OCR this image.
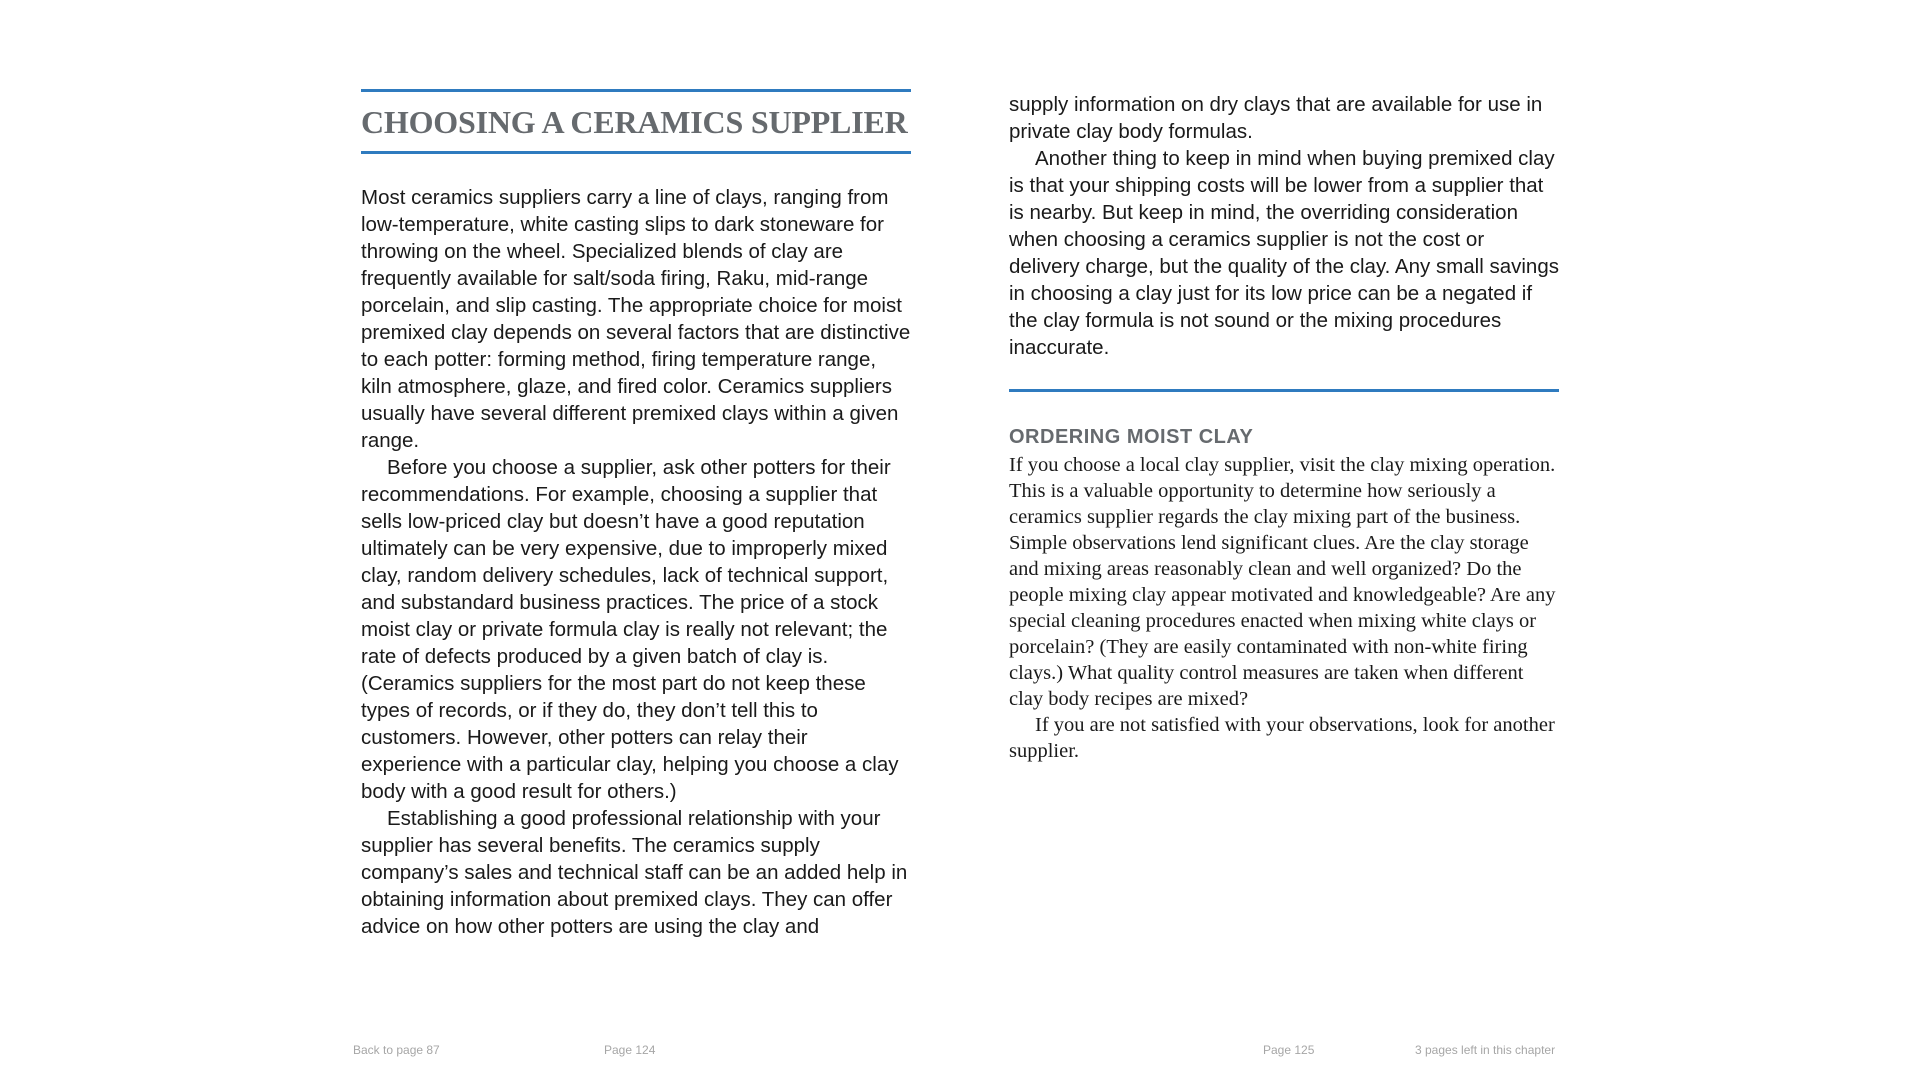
CHOOSING A CERAMICS SUPPLIER

Most ceramics suppliers carry a line of clays, ranging from low-temperature, white casting slips to dark stoneware for throwing on the wheel. Specialized blends of clay are frequently available for salt/soda firing, Raku, mid-range porcelain, and slip casting. The appropriate choice for moist premixed clay depends on several factors that are distinctive to each potter: forming method, firing temperature range, kiln atmosphere, glaze, and fired color. Ceramics suppliers usually have several different premixed clays within a given range.

Before you choose a supplier, ask other potters for their recommendations. For example, choosing a supplier that sells low-priced clay but doesn’t have a good reputation ultimately can be very expensive, due to improperly mixed clay, random delivery schedules, lack of technical support, and substandard business practices. The price of a stock moist clay or private formula clay is really not relevant; the rate of defects produced by a given batch of clay is. (Ceramics suppliers for the most part do not keep these types of records, or if they do, they don’t tell this to customers. However, other potters can relay their experience with a particular clay, helping you choose a clay body with a good result for others.)

Establishing a good professional relationship with your supplier has several benefits. The ceramics supply company’s sales and technical staff can be an added help in obtaining information about premixed clays. They can offer advice on how other potters are using the clay and

supply information on dry clays that are available for use in private clay body formulas.

Another thing to keep in mind when buying premixed clay is that your shipping costs will be lower from a supplier that is nearby. But keep in mind, the overriding consideration when choosing a ceramics supplier is not the cost or delivery charge, but the quality of the clay. Any small savings in choosing a clay just for its low price can be a negated if the clay formula is not sound or the mixing procedures inaccurate.

ORDERING MOIST CLAY

If you choose a local clay supplier, visit the clay mixing operation. This is a valuable opportunity to determine how seriously a ceramics supplier regards the clay mixing part of the business. Simple observations lend significant clues. Are the clay storage and mixing areas reasonably clean and well organized? Do the people mixing clay appear motivated and knowledgeable? Are any special cleaning procedures enacted when mixing white clays or porcelain? (They are easily contaminated with non-white firing clays.) What quality control measures are taken when different clay body recipes are mixed?

If you are not satisfied with your observations, look for another supplier.

Back to page 87	Page 124	Page 125	3 pages left in this chapter
